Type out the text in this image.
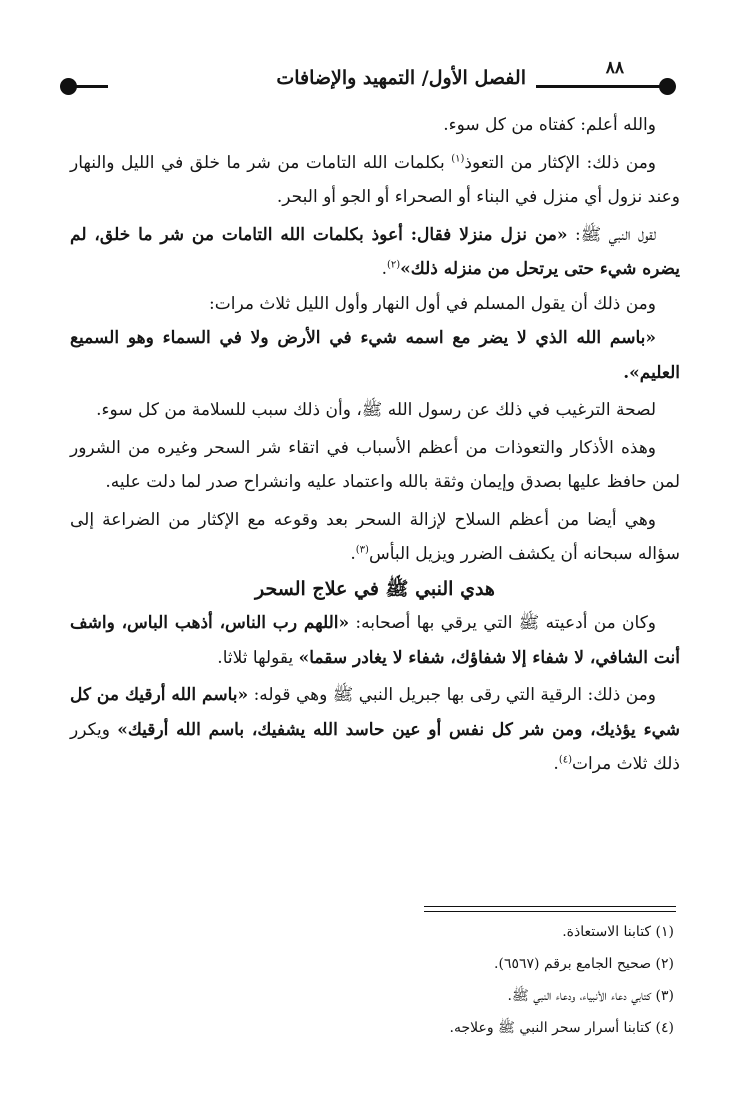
٨٨
الفصل الأول/ التمهيد والإضافات

والله أعلم: كفتاه من كل سوء.

ومن ذلك: الإكثار من التعوذ$^{(١)}$ بكلمات الله التامات من شر ما خلق في الليل والنهار وعند نزول أي منزل في البناء أو الصحراء أو الجو أو البحر.

لقول النبي ﷺ: «من نزل منزلا فقال: أعوذ بكلمات الله التامات من شر ما خلق، لم يضره شيء حتى يرتحل من منزله ذلك»$^{(٢)}$.

ومن ذلك أن يقول المسلم في أول النهار وأول الليل ثلاث مرات:

«باسم الله الذي لا يضر مع اسمه شيء في الأرض ولا في السماء وهو السميع العليم».

لصحة الترغيب في ذلك عن رسول الله ﷺ، وأن ذلك سبب للسلامة من كل سوء.

وهذه الأذكار والتعوذات من أعظم الأسباب في اتقاء شر السحر وغيره من الشرور لمن حافظ عليها بصدق وإيمان وثقة بالله واعتماد عليه وانشراح صدر لما دلت عليه.

وهي أيضا من أعظم السلاح لإزالة السحر بعد وقوعه مع الإكثار من الضراعة إلى سؤاله سبحانه أن يكشف الضرر ويزيل البأس$^{(٣)}$.

هدي النبي ﷺ في علاج السحر

وكان من أدعيته ﷺ التي يرقي بها أصحابه: «اللهم رب الناس، أذهب الباس، واشف أنت الشافي، لا شفاء إلا شفاؤك، شفاء لا يغادر سقما» يقولها ثلاثا.

ومن ذلك: الرقية التي رقى بها جبريل النبي ﷺ وهي قوله: «باسم الله أرقيك من كل شيء يؤذيك، ومن شر كل نفس أو عين حاسد الله يشفيك، باسم الله أرقيك» ويكرر ذلك ثلاث مرات$^{(٤)}$.

(١) كتابنا الاستعاذة.

(٢) صحيح الجامع برقم (٦٥٦٧).

(٣) كتابي دعاء الأنبياء، ودعاء النبي ﷺ.

(٤) كتابنا أسرار سحر النبي ﷺ وعلاجه.
